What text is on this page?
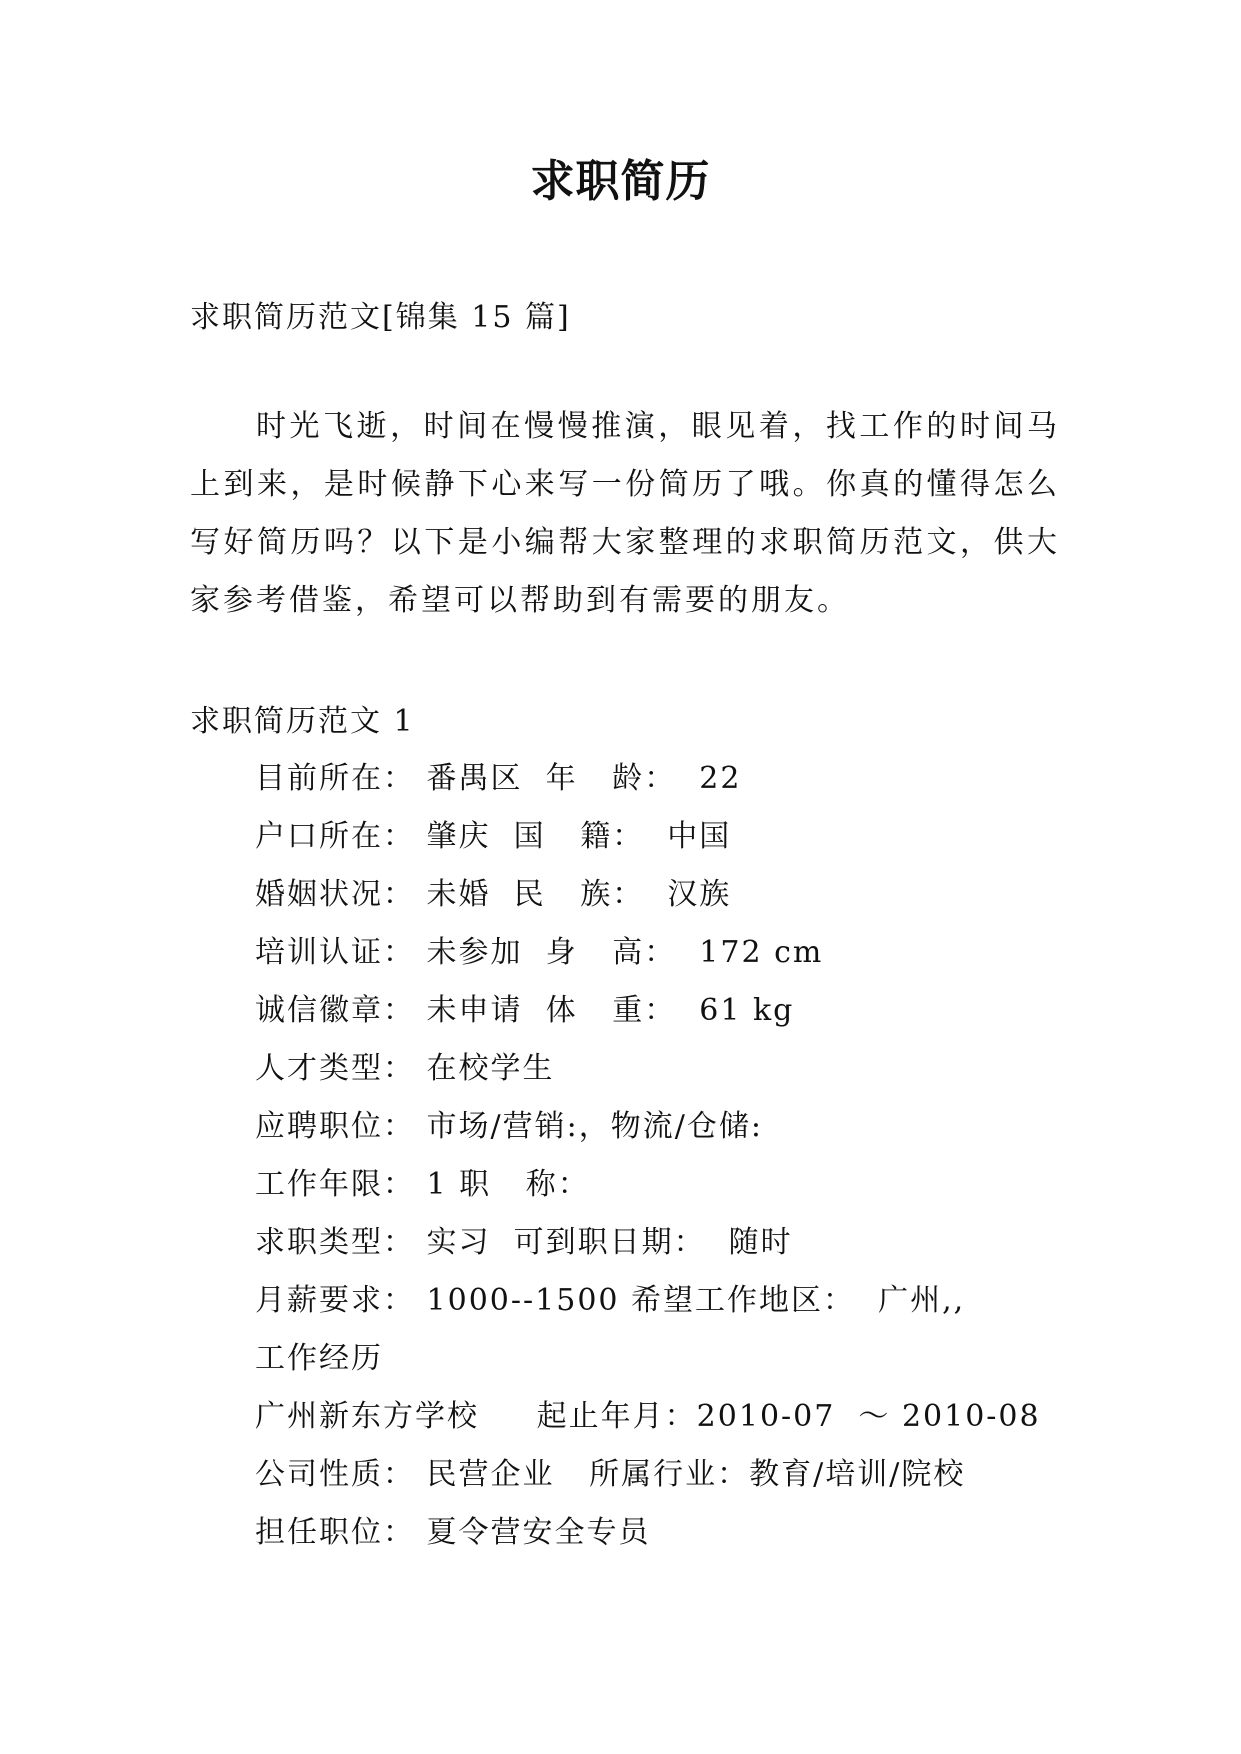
求职简历
求职简历范文[锦集 15 篇]
时光飞逝，时间在慢慢推演，眼见着，找工作的时间马上到来，是时候静下心来写一份简历了哦。你真的懂得怎么写好简历吗？以下是小编帮大家整理的求职简历范文，供大家参考借鉴，希望可以帮助到有需要的朋友。
求职简历范文 1
目前所在： 番禺区  年   龄：  22
户口所在： 肇庆  国   籍：  中国
婚姻状况： 未婚  民   族：  汉族
培训认证： 未参加  身   高：  172 cm
诚信徽章： 未申请  体   重：  61 kg
人才类型： 在校学生
应聘职位： 市场/营销:，物流/仓储:
工作年限： 1 职   称：
求职类型： 实习  可到职日期：  随时
月薪要求： 1000--1500 希望工作地区：  广州,,
工作经历
广州新东方学校     起止年月：2010-07  ～ 2010-08
公司性质： 民营企业   所属行业：教育/培训/院校
担任职位： 夏令营安全专员
